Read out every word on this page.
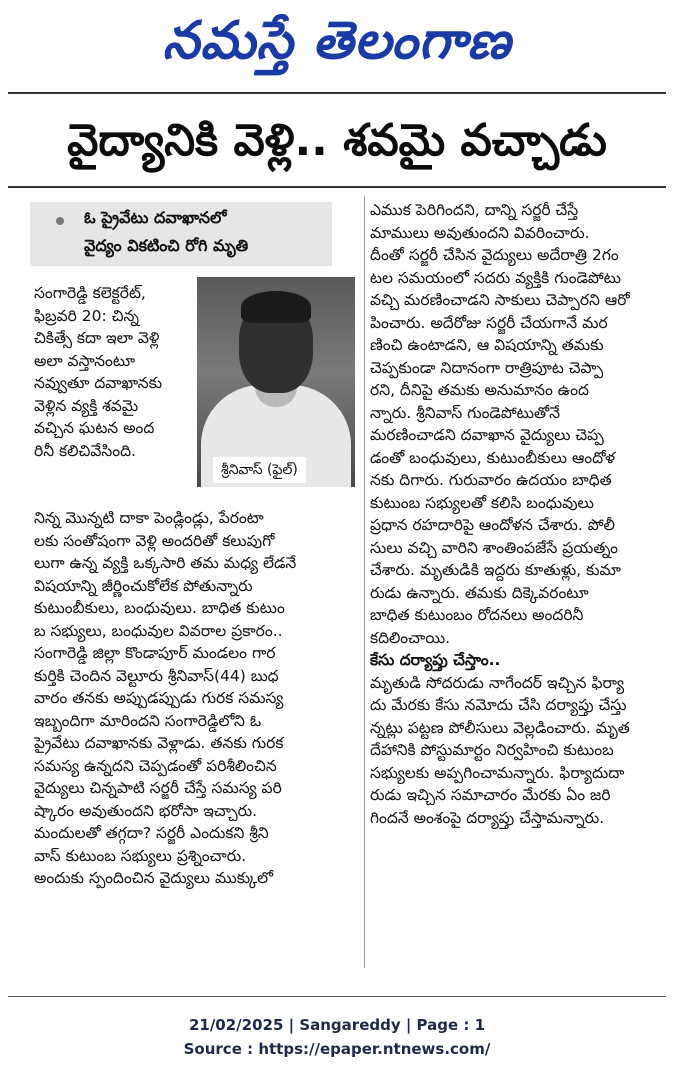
నమస్తే తెలంగాణ
వైద్యానికి వెళ్లి.. శవమై వచ్చాడు
ఓ ప్రైవేటు దవాఖానలో
వైద్యం వికటించి రోగి మృతి
శ్రీనివాస్ (ఫైల్)
సంగారెడ్డి కలెక్టరేట్,
ఫిబ్రవరి 20: చిన్న
చికిత్సే కదా ఇలా వెళ్లి
అలా వస్తానంటూ
నవ్వుతూ దవాఖానకు
వెళ్లిన వ్యక్తి శవమై
వచ్చిన ఘటన అంద
రినీ కలిచివేసింది.
నిన్న మొన్నటి దాకా పెండ్లిండ్లు, పేరంటా
లకు సంతోషంగా వెళ్లి అందరితో కలుపుగో
లుగా ఉన్న వ్యక్తి ఒక్కసారి తమ మధ్య లేడనే
విషయాన్ని జీర్ణించుకోలేక పోతున్నారు
కుటుంబీకులు, బంధువులు. బాధిత కుటుం
బ సభ్యులు, బంధువుల వివరాల ప్రకారం..
సంగారెడ్డి జిల్లా కొండాపూర్ మండలం గార
కుర్తికి చెందిన వెల్టూరు శ్రీనివాస్(44) బుధ
వారం తనకు అప్పుడప్పుడు గురక సమస్య
ఇబ్బందిగా మారిందని సంగారెడ్డిలోని ఓ
ప్రైవేటు దవాఖానకు వెళ్లాడు. తనకు గురక
సమస్య ఉన్నదని చెప్పడంతో పరిశీలించిన
వైద్యులు చిన్నపాటి సర్జరీ చేస్తే సమస్య పరి
ష్కారం అవుతుందని భరోసా ఇచ్చారు.
మందులతో తగ్గదా? సర్జరీ ఎందుకని శ్రీని
వాస్ కుటుంబ సభ్యులు ప్రశ్నించారు.
అందుకు స్పందించిన వైద్యులు ముక్కులో
ఎముక పెరిగిందని, దాన్ని సర్జరీ చేస్తే
మాములు అవుతుందని వివరించారు.
దీంతో సర్జరీ చేసిన వైద్యులు అదేరాత్రి 2గం
టల సమయంలో సదరు వ్యక్తికి గుండెపోటు
వచ్చి మరణించాడని సాకులు చెప్పారని ఆరో
పించారు. అదేరోజు సర్జరీ చేయగానే మర
ణించి ఉంటాడని, ఆ విషయాన్ని తమకు
చెప్పకుండా నిదానంగా రాత్రిపూట చెప్పా
రని, దీనిపై తమకు అనుమానం ఉంద
న్నారు. శ్రీనివాస్ గుండెపోటుతోనే
మరణించాడని దవాఖాన వైద్యులు చెప్ప
డంతో బంధువులు, కుటుంబీకులు ఆందోళ
నకు దిగారు. గురువారం ఉదయం బాధిత
కుటుంబ సభ్యులతో కలిసి బంధువులు
ప్రధాన రహదారిపై ఆందోళన చేశారు. పోలీ
సులు వచ్చి వారిని శాంతింపజేసే ప్రయత్నం
చేశారు. మృతుడికి ఇద్దరు కూతుళ్లు, కుమా
రుడు ఉన్నారు. తమకు దిక్కెవరంటూ
బాధిత కుటుంబం రోదనలు అందరినీ
కదిలించాయి.
కేసు దర్యాప్తు చేస్తాం..
మృతుడి సోదరుడు నాగేందర్ ఇచ్చిన ఫిర్యా
దు మేరకు కేసు నమోదు చేసి దర్యాప్తు చేస్తు
న్నట్లు పట్టణ పోలీసులు వెల్లడించారు. మృత
దేహానికి పోస్టుమార్టం నిర్వహించి కుటుంబ
సభ్యులకు అప్పగించామన్నారు. ఫిర్యాదుదా
రుడు ఇచ్చిన సమాచారం మేరకు ఏం జరి
గిందనే అంశంపై దర్యాప్తు చేస్తామన్నారు.
21/02/2025 | Sangareddy | Page : 1
Source : https://epaper.ntnews.com/
